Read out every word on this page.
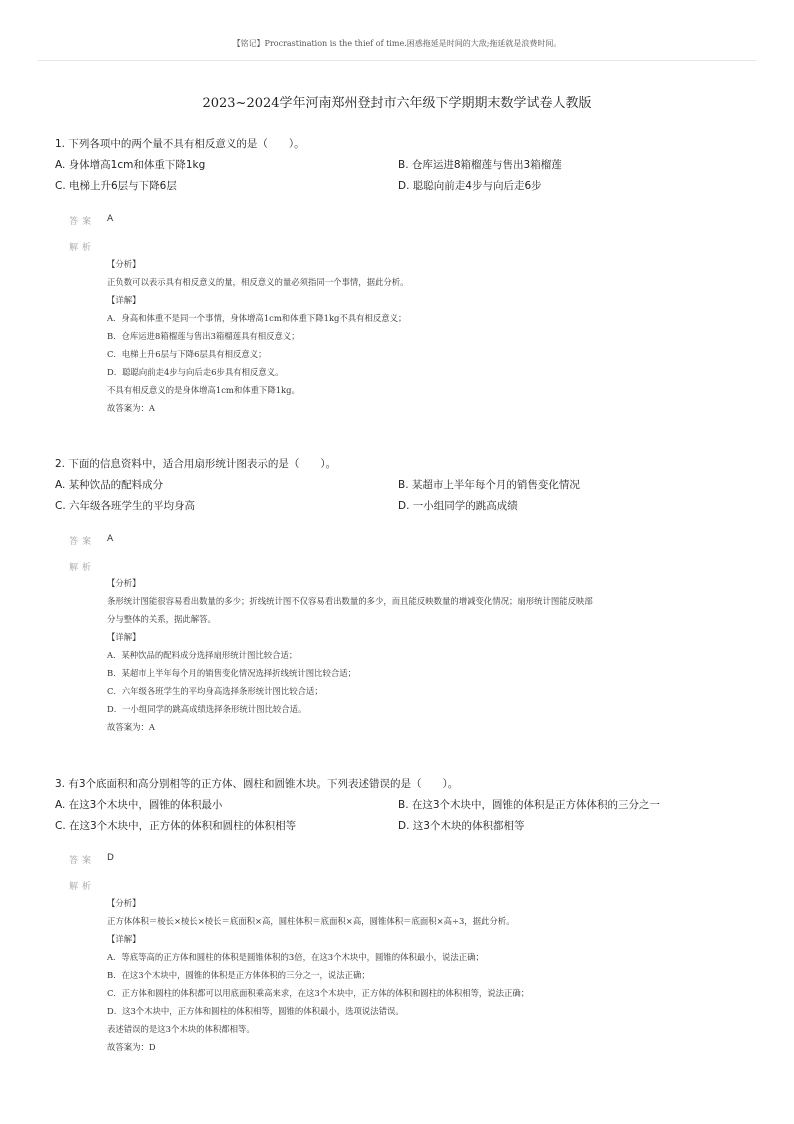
【铭记】Procrastination is the thief of time.困惑拖延是时间的大敌;拖延就是浪费时间。
2023~2024学年河南郑州登封市六年级下学期期末数学试卷人教版
1. 下列各项中的两个量不具有相反意义的是（　　）。
A. 身体增高1cm和体重下降1kg	B. 仓库运进8箱榴莲与售出3箱榴莲
C. 电梯上升6层与下降6层	D. 聪聪向前走4步与向后走6步
答案 A
解析
【分析】
正负数可以表示具有相反意义的量，相反意义的量必须指同一个事情，据此分析。
【详解】
A．身高和体重不是同一个事情，身体增高1cm和体重下降1kg不具有相反意义；
B．仓库运进8箱榴莲与售出3箱榴莲具有相反意义；
C．电梯上升6层与下降6层具有相反意义；
D．聪聪向前走4步与向后走6步具有相反意义。
不具有相反意义的是身体增高1cm和体重下降1kg。
故答案为：A
2. 下面的信息资料中，适合用扇形统计图表示的是（　　）。
A. 某种饮品的配料成分	B. 某超市上半年每个月的销售变化情况
C. 六年级各班学生的平均身高	D. 一小组同学的跳高成绩
答案 A
解析
【分析】
条形统计图能很容易看出数量的多少；折线统计图不仅容易看出数量的多少，而且能反映数量的增减变化情况；扇形统计图能反映部
分与整体的关系，据此解答。
【详解】
A．某种饮品的配料成分选择扇形统计图比较合适；
B．某超市上半年每个月的销售变化情况选择折线统计图比较合适；
C．六年级各班学生的平均身高选择条形统计图比较合适；
D．一小组同学的跳高成绩选择条形统计图比较合适。
故答案为：A
3. 有3个底面积和高分别相等的正方体、圆柱和圆锥木块。下列表述错误的是（　　）。
A. 在这3个木块中，圆锥的体积最小	B. 在这3个木块中，圆锥的体积是正方体体积的三分之一
C. 在这3个木块中，正方体的体积和圆柱的体积相等	D. 这3个木块的体积都相等
答案 D
解析
【分析】
正方体体积＝棱长×棱长×棱长＝底面积×高，圆柱体积＝底面积×高，圆锥体积＝底面积×高÷3，据此分析。
【详解】
A．等底等高的正方体和圆柱的体积是圆锥体积的3倍，在这3个木块中，圆锥的体积最小，说法正确；
B．在这3个木块中，圆锥的体积是正方体体积的三分之一，说法正确；
C．正方体和圆柱的体积都可以用底面积乘高来求，在这3个木块中，正方体的体积和圆柱的体积相等，说法正确；
D．这3个木块中，正方体和圆柱的体积相等，圆锥的体积最小，选项说法错误。
表述错误的是这3个木块的体积都相等。
故答案为：D
